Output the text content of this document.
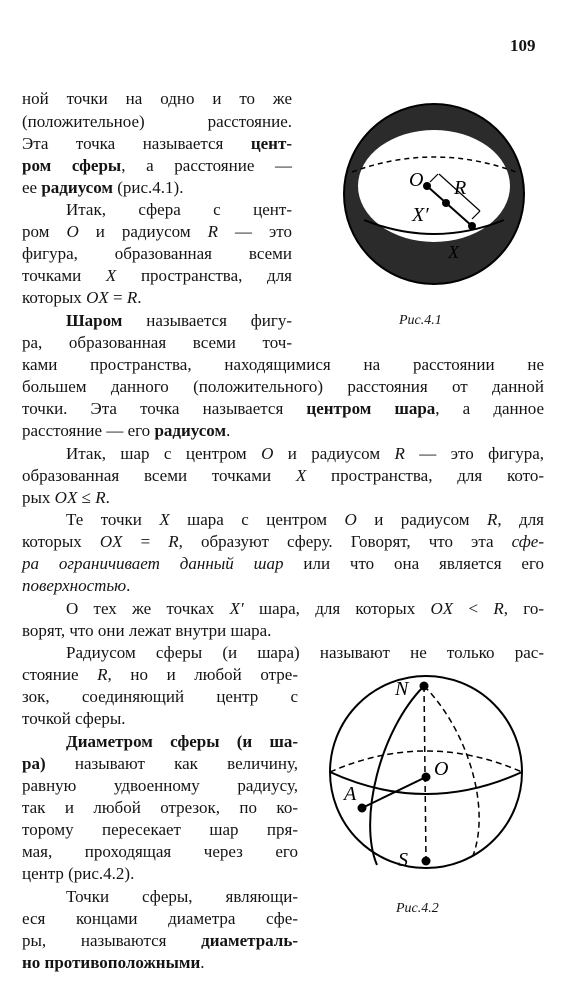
109
ной точки на одно и то же
(положительное) расстояние.
Эта точка называется цент-
ром сферы, а расстояние —
ее радиусом (рис.4.1).
Итак, сфера с цент-
ром O и радиусом R — это
фигура, образованная всеми
точками X пространства, для
которых OX = R.
Шаром называется фигу-
ра, образованная всеми точ-
ками пространства, находящимися на расстоянии не
большем данного (положительного) расстояния от данной
точки. Эта точка называется центром шара, а данное
расстояние — его радиусом.
Итак, шар с центром O и радиусом R — это фигура,
образованная всеми точками X пространства, для кото-
рых OX ≤ R.
Те точки X шара с центром O и радиусом R, для
которых OX = R, образуют сферу. Говорят, что эта сфе-
ра ограничивает данный шар или что она является его
поверхностью.
О тех же точках X′ шара, для которых OX < R, го-
ворят, что они лежат внутри шара.
Радиусом сферы (и шара) называют не только рас-
стояние R, но и любой отре-
зок, соединяющий центр с
точкой сферы.
Диаметром сферы (и ша-
ра) называют как величину,
равную удвоенному радиусу,
так и любой отрезок, по ко-
торому пересекает шар пря-
мая, проходящая через его
центр (рис.4.2).
Точки сферы, являющи-
еся концами диаметра сфе-
ры, называются диаметраль-
но противоположными.
O R
X′
X
Рис.4.1
N
O
A
S
Рис.4.2
